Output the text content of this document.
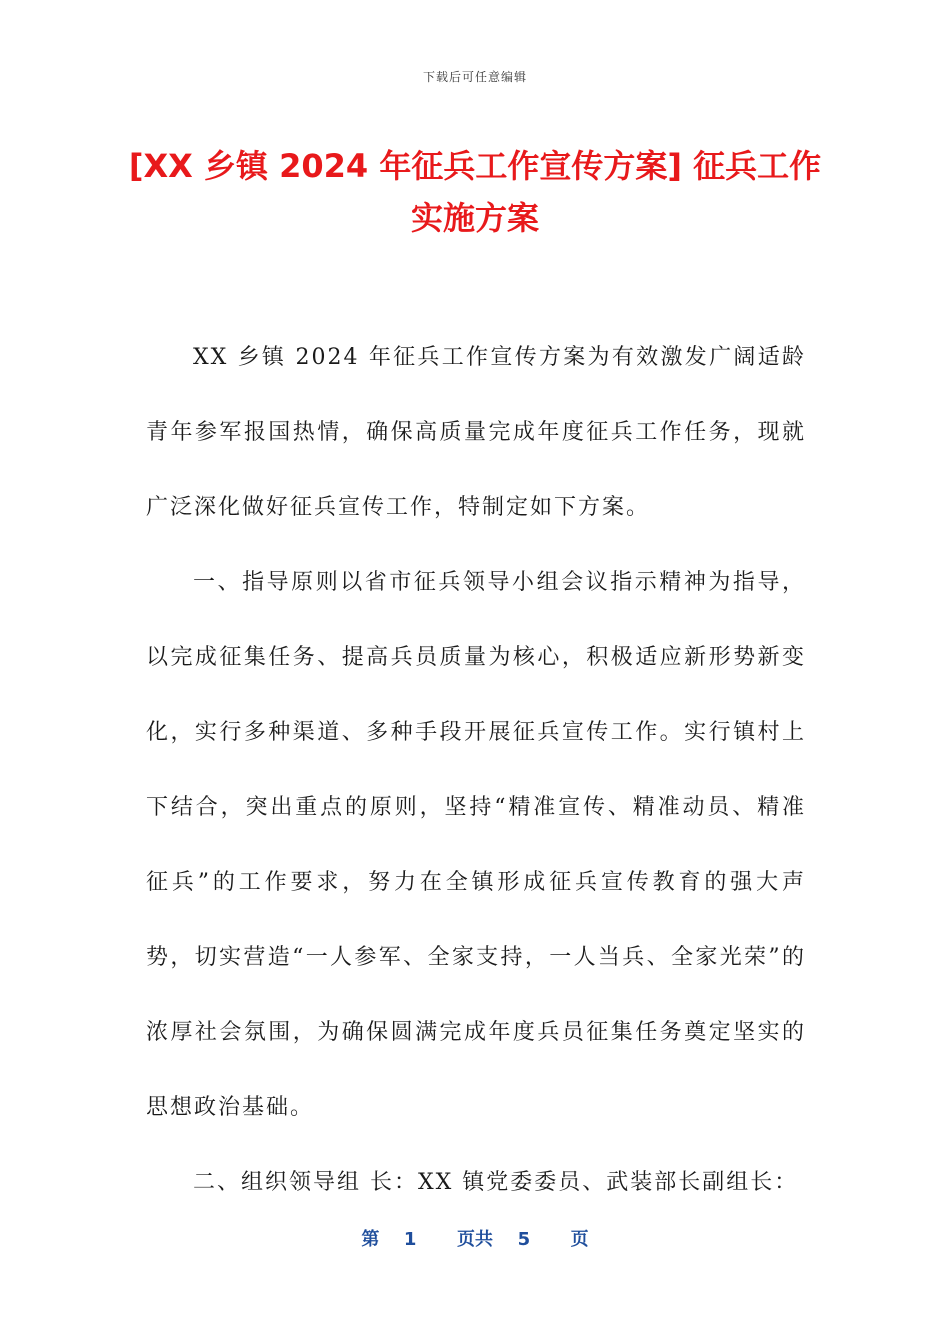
下载后可任意编辑
[XX 乡镇 2024 年征兵工作宣传方案] 征兵工作实施方案

XX 乡镇 2024 年征兵工作宣传方案为有效激发广阔适龄青年参军报国热情，确保高质量完成年度征兵工作任务，现就广泛深化做好征兵宣传工作，特制定如下方案。

一、指导原则以省市征兵领导小组会议指示精神为指导，以完成征集任务、提高兵员质量为核心，积极适应新形势新变化，实行多种渠道、多种手段开展征兵宣传工作。实行镇村上下结合，突出重点的原则，坚持“精准宣传、精准动员、精准征兵”的工作要求，努力在全镇形成征兵宣传教育的强大声势，切实营造“一人参军、全家支持，一人当兵、全家光荣”的浓厚社会氛围，为确保圆满完成年度兵员征集任务奠定坚实的思想政治基础。

二、组织领导组 长：XX 镇党委委员、武装部长副组长：

第 1 页共 5 页
